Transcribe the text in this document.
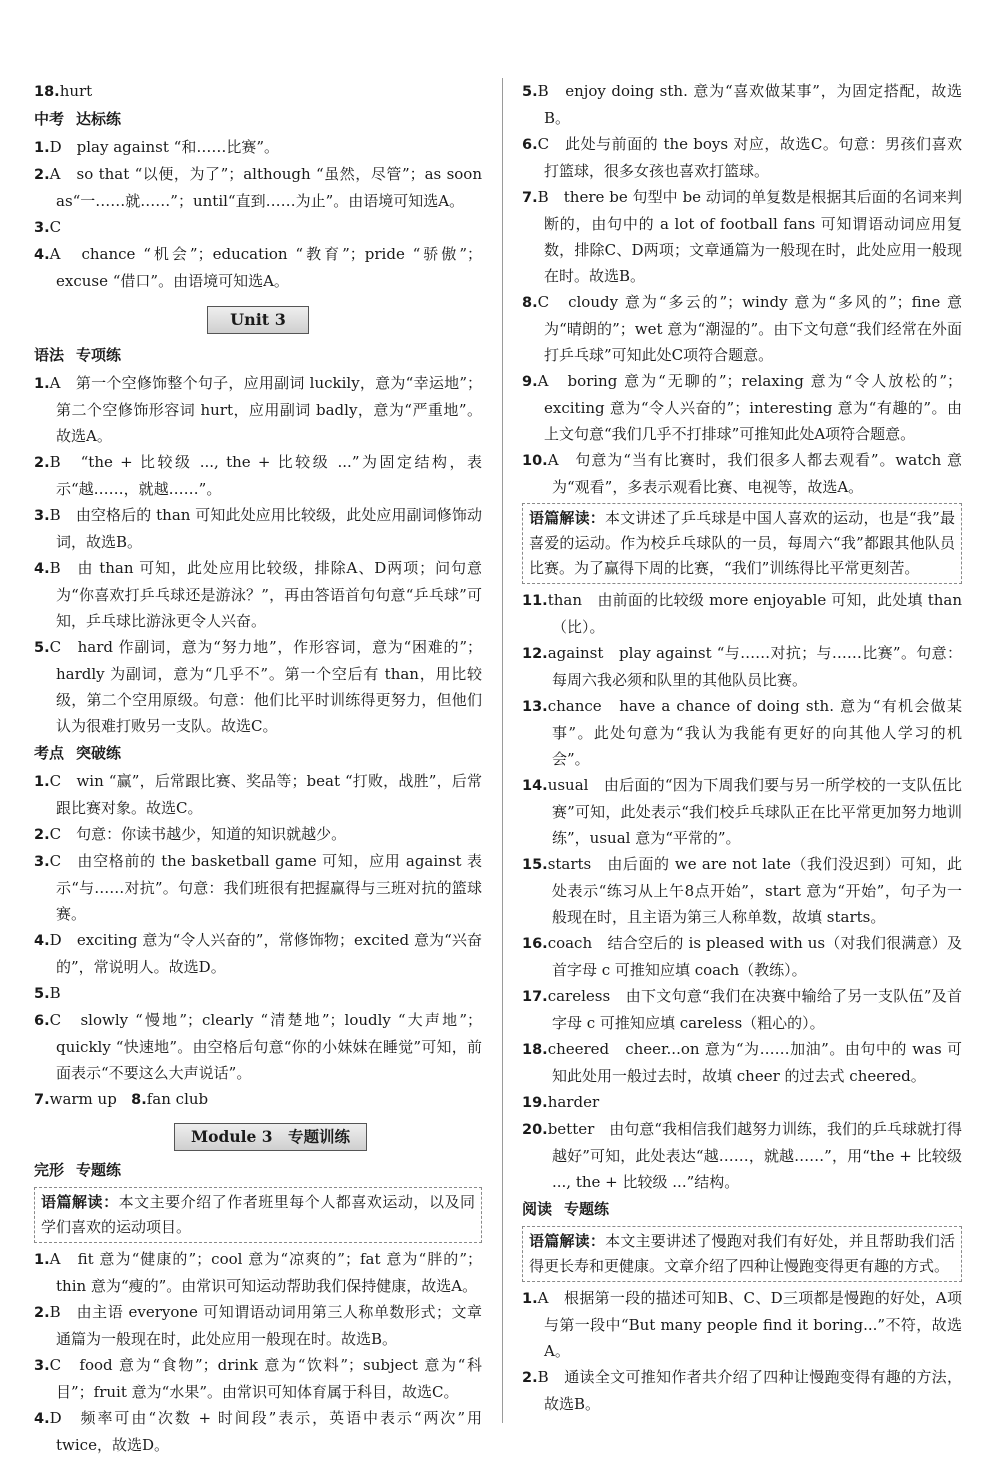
18.hurt

中考 达标练

1.D　play against “和……比赛”。

2.A　so that “以便，为了”；although “虽然，尽管”；as soon as“一……就……”；until“直到……为止”。由语境可知选A。

3.C

4.A　chance “机会”；education “教育”；pride “骄傲”；excuse “借口”。由语境可知选A。

Unit 3
语法 专项练

1.A　第一个空修饰整个句子，应用副词 luckily，意为“幸运地”；第二个空修饰形容词 hurt，应用副词 badly，意为“严重地”。故选A。

2.B　“the + 比较级 ..., the + 比较级 ...”为固定结构，表示“越……，就越……”。

3.B　由空格后的 than 可知此处应用比较级，此处应用副词修饰动词，故选B。

4.B　由 than 可知，此处应用比较级，排除A、D两项；问句意为“你喜欢打乒乓球还是游泳？”，再由答语首句句意“乒乓球”可知，乒乓球比游泳更令人兴奋。

5.C　hard 作副词，意为“努力地”，作形容词，意为“困难的”；hardly 为副词，意为“几乎不”。第一个空后有 than，用比较级，第二个空用原级。句意：他们比平时训练得更努力，但他们认为很难打败另一支队。故选C。

考点 突破练

1.C　win “赢”，后常跟比赛、奖品等；beat “打败，战胜”，后常跟比赛对象。故选C。

2.C　句意：你读书越少，知道的知识就越少。

3.C　由空格前的 the basketball game 可知，应用 against 表示“与……对抗”。句意：我们班很有把握赢得与三班对抗的篮球赛。

4.D　exciting 意为“令人兴奋的”，常修饰物；excited 意为“兴奋的”，常说明人。故选D。

5.B

6.C　slowly “慢地”；clearly “清楚地”；loudly “大声地”；quickly “快速地”。由空格后句意“你的小妹妹在睡觉”可知，前面表示“不要这么大声说话”。

7.warm up 8.fan club

Module 3　专题训练
完形 专题练
语篇解读：本文主要介绍了作者班里每个人都喜欢运动，以及同学们喜欢的运动项目。

1.A　fit 意为“健康的”；cool 意为“凉爽的”；fat 意为“胖的”；thin 意为“瘦的”。由常识可知运动帮助我们保持健康，故选A。

2.B　由主语 everyone 可知谓语动词用第三人称单数形式；文章通篇为一般现在时，此处应用一般现在时。故选B。

3.C　food 意为“食物”；drink 意为“饮料”；subject 意为“科目”；fruit 意为“水果”。由常识可知体育属于科目，故选C。

4.D　频率可由“次数 + 时间段”表示，英语中表示“两次”用 twice，故选D。

5.B　enjoy doing sth. 意为“喜欢做某事”，为固定搭配，故选B。

6.C　此处与前面的 the boys 对应，故选C。句意：男孩们喜欢打篮球，很多女孩也喜欢打篮球。

7.B　there be 句型中 be 动词的单复数是根据其后面的名词来判断的，由句中的 a lot of football fans 可知谓语动词应用复数，排除C、D两项；文章通篇为一般现在时，此处应用一般现在时。故选B。

8.C　cloudy 意为“多云的”；windy 意为“多风的”；fine 意为“晴朗的”；wet 意为“潮湿的”。由下文句意“我们经常在外面打乒乓球”可知此处C项符合题意。

9.A　boring 意为“无聊的”；relaxing 意为“令人放松的”；exciting 意为“令人兴奋的”；interesting 意为“有趣的”。由上文句意“我们几乎不打排球”可推知此处A项符合题意。

10.A　句意为“当有比赛时，我们很多人都去观看”。watch 意为“观看”，多表示观看比赛、电视等，故选A。

语篇解读：本文讲述了乒乓球是中国人喜欢的运动，也是“我”最喜爱的运动。作为校乒乓球队的一员，每周六“我”都跟其他队员比赛。为了赢得下周的比赛，“我们”训练得比平常更刻苦。

11.than　由前面的比较级 more enjoyable 可知，此处填 than（比）。

12.against　play against “与……对抗；与……比赛”。句意：每周六我必须和队里的其他队员比赛。

13.chance　have a chance of doing sth. 意为“有机会做某事”。此处句意为“我认为我能有更好的向其他人学习的机会”。

14.usual　由后面的“因为下周我们要与另一所学校的一支队伍比赛”可知，此处表示“我们校乒乓球队正在比平常更加努力地训练”，usual 意为“平常的”。

15.starts　由后面的 we are not late（我们没迟到）可知，此处表示“练习从上午8点开始”，start 意为“开始”，句子为一般现在时，且主语为第三人称单数，故填 starts。

16.coach　结合空后的 is pleased with us（对我们很满意）及首字母 c 可推知应填 coach（教练）。

17.careless　由下文句意“我们在决赛中输给了另一支队伍”及首字母 c 可推知应填 careless（粗心的）。

18.cheered　cheer...on 意为“为……加油”。由句中的 was 可知此处用一般过去时，故填 cheer 的过去式 cheered。

19.harder

20.better　由句意“我相信我们越努力训练，我们的乒乓球就打得越好”可知，此处表达“越……，就越……”，用“the + 比较级 ..., the + 比较级 ...”结构。

阅读 专题练
语篇解读：本文主要讲述了慢跑对我们有好处，并且帮助我们活得更长寿和更健康。文章介绍了四种让慢跑变得更有趣的方式。

1.A　根据第一段的描述可知B、C、D三项都是慢跑的好处，A项与第一段中“But many people find it boring...”不符，故选A。

2.B　通读全文可推知作者共介绍了四种让慢跑变得有趣的方法，故选B。
